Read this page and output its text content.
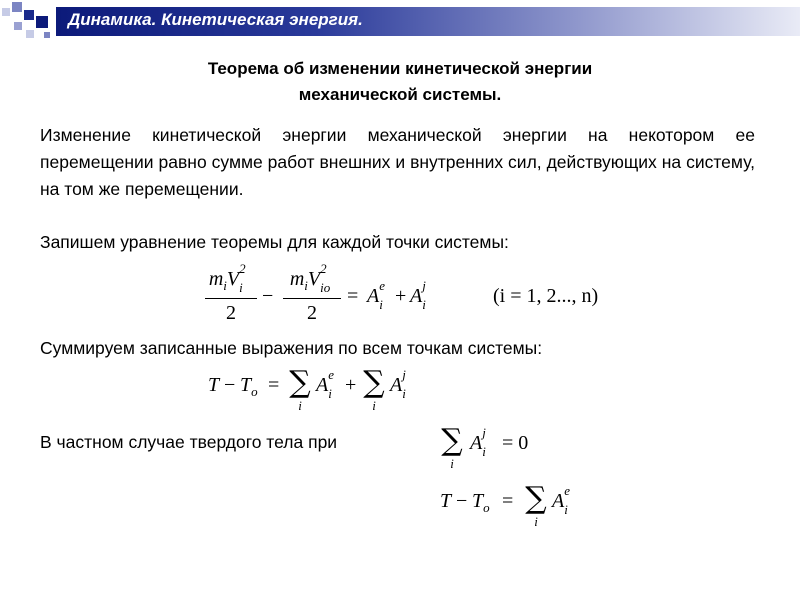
Динамика. Кинетическая энергия.
Теорема об изменении кинетической энергии
механической системы.
Изменение кинетической энергии механической энергии на некотором ее перемещении равно сумме работ внешних и внутренних сил, действующих на систему, на том же перемещении.
Запишем уравнение теоремы для каждой точки системы:
$m_iV$ 2
i
2
−
$m_iV$ 2
io
2
= A e
i + A j
i	(i = 1, 2..., n)
Суммируем записанные выражения по всем точкам системы:
$T - T_o$ = ∑
i
A e
i + ∑
i
A j
i
В частном случае твердого тела при	∑
i
A j
i = 0
$T - T_o$ = ∑
i
A e
i
